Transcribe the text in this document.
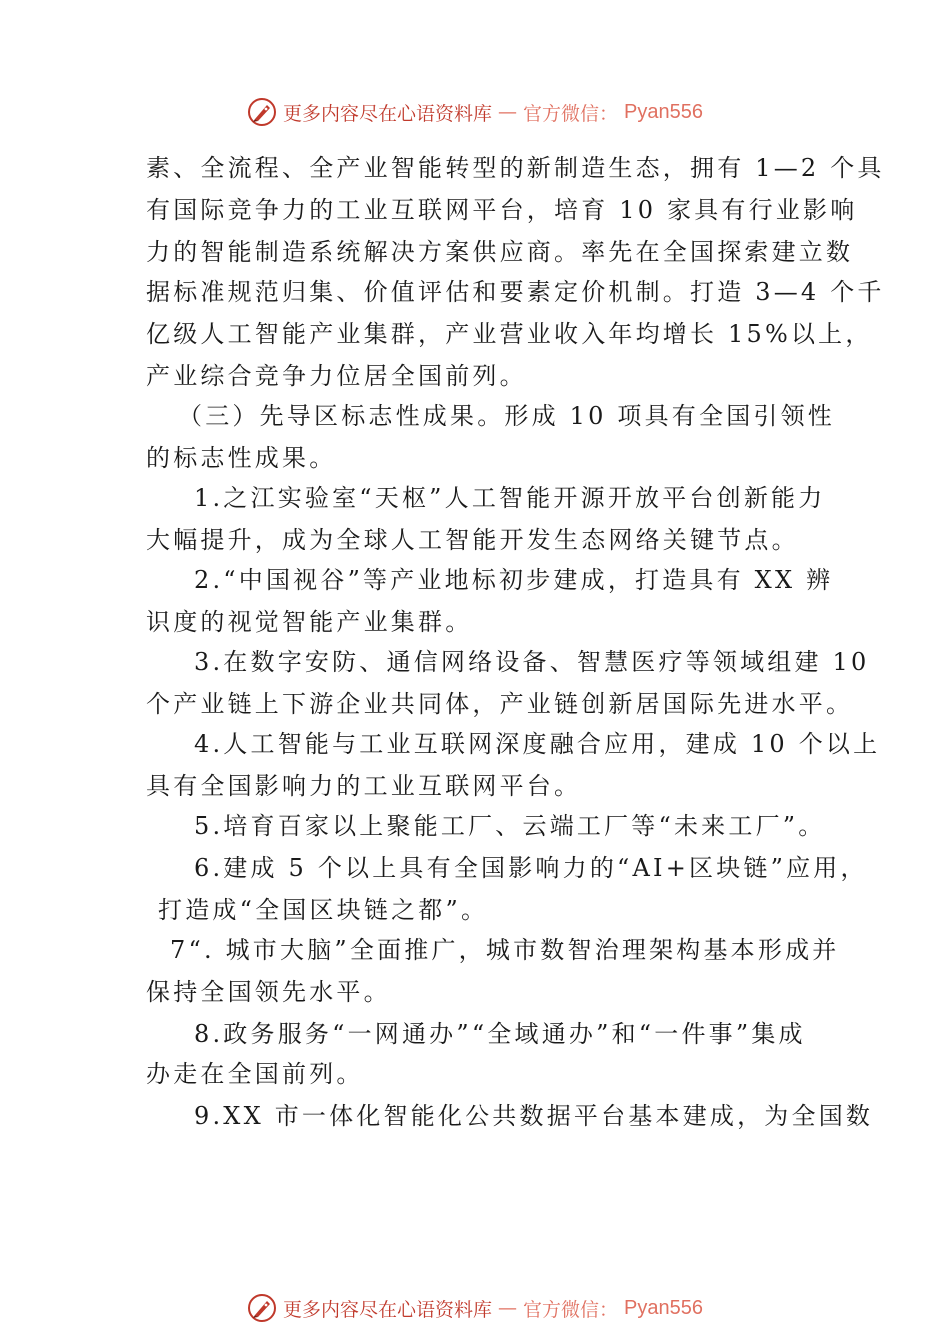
更多内容尽在心语资料库 — 官方微信： Pyan556
素、全流程、全产业智能转型的新制造生态，拥有 1—2 个具
有国际竞争力的工业互联网平台，培育 10 家具有行业影响
力的智能制造系统解决方案供应商。率先在全国探索建立数
据标准规范归集、价值评估和要素定价机制。打造 3—4 个千
亿级人工智能产业集群，产业营业收入年均增长 15%以上，
产业综合竞争力位居全国前列。
（三）先导区标志性成果。形成 10 项具有全国引领性
的标志性成果。
1.之江实验室“天枢”人工智能开源开放平台创新能力
大幅提升，成为全球人工智能开发生态网络关键节点。
2.“中国视谷”等产业地标初步建成，打造具有 XX 辨
识度的视觉智能产业集群。
3.在数字安防、通信网络设备、智慧医疗等领域组建 10
个产业链上下游企业共同体，产业链创新居国际先进水平。
4.人工智能与工业互联网深度融合应用，建成 10 个以上
具有全国影响力的工业互联网平台。
5.培育百家以上聚能工厂、云端工厂等“未来工厂”。
6.建成 5 个以上具有全国影响力的“AI+区块链”应用，
打造成“全国区块链之都”。
7“. 城市大脑”全面推广，城市数智治理架构基本形成并
保持全国领先水平。
8.政务服务“一网通办”“全域通办”和“一件事”集成
办走在全国前列。
9.XX 市一体化智能化公共数据平台基本建成，为全国数
更多内容尽在心语资料库 — 官方微信： Pyan556
